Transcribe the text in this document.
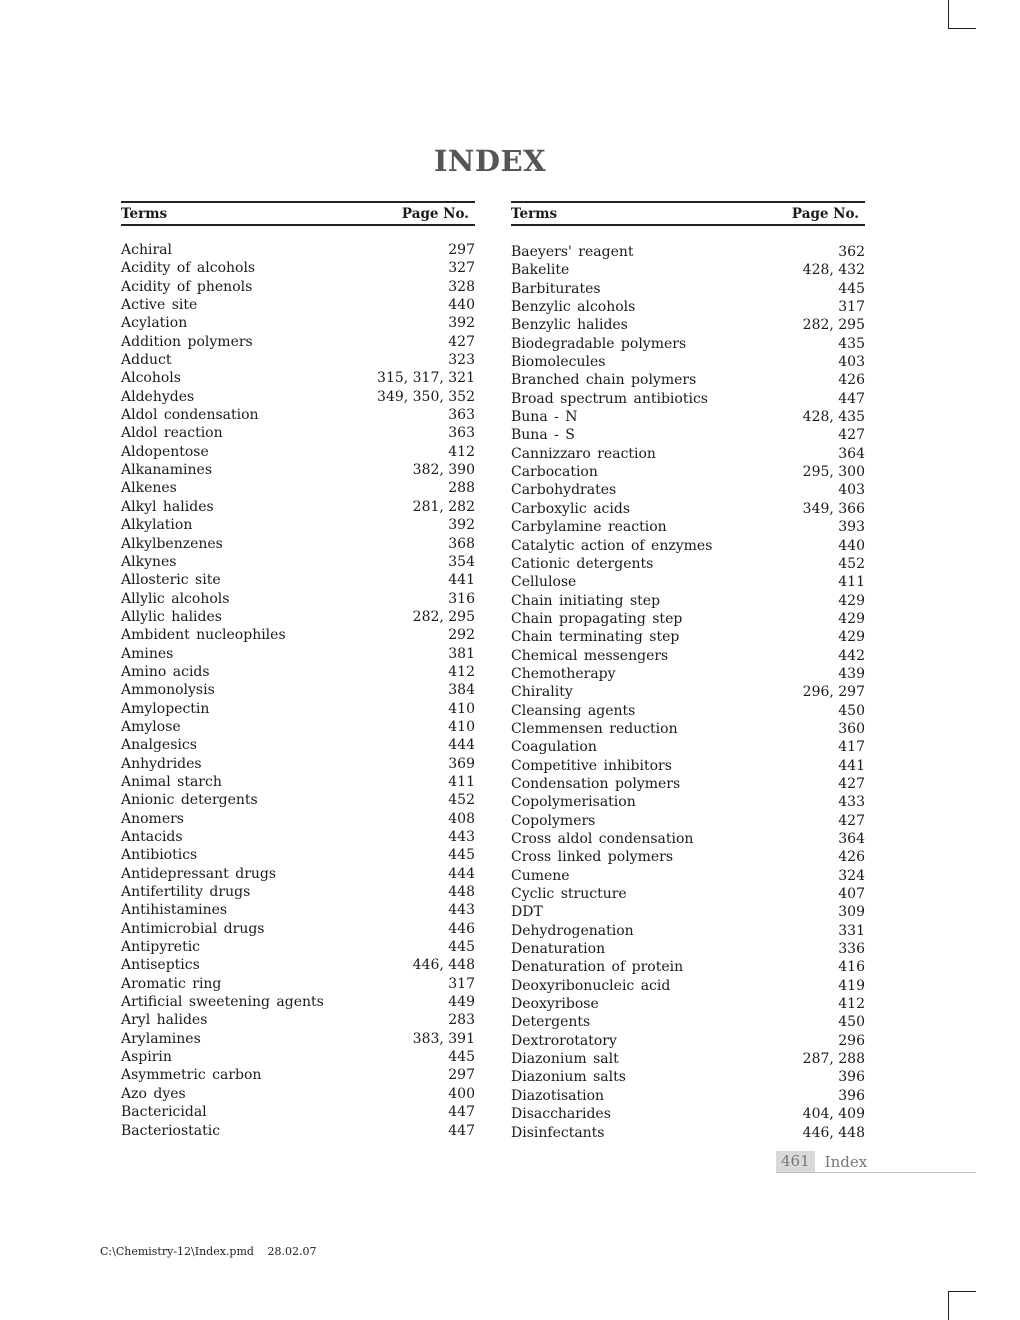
INDEX
Terms	Page No.
Achiral	297
Acidity of alcohols	327
Acidity of phenols	328
Active site	440
Acylation	392
Addition polymers	427
Adduct	323
Alcohols	315, 317, 321
Aldehydes	349, 350, 352
Aldol condensation	363
Aldol reaction	363
Aldopentose	412
Alkanamines	382, 390
Alkenes	288
Alkyl halides	281, 282
Alkylation	392
Alkylbenzenes	368
Alkynes	354
Allosteric site	441
Allylic alcohols	316
Allylic halides	282, 295
Ambident nucleophiles	292
Amines	381
Amino acids	412
Ammonolysis	384
Amylopectin	410
Amylose	410
Analgesics	444
Anhydrides	369
Animal starch	411
Anionic detergents	452
Anomers	408
Antacids	443
Antibiotics	445
Antidepressant drugs	444
Antifertility drugs	448
Antihistamines	443
Antimicrobial drugs	446
Antipyretic	445
Antiseptics	446, 448
Aromatic ring	317
Artificial sweetening agents	449
Aryl halides	283
Arylamines	383, 391
Aspirin	445
Asymmetric carbon	297
Azo dyes	400
Bactericidal	447
Bacteriostatic	447
Terms	Page No.
Baeyers' reagent	362
Bakelite	428, 432
Barbiturates	445
Benzylic alcohols	317
Benzylic halides	282, 295
Biodegradable polymers	435
Biomolecules	403
Branched chain polymers	426
Broad spectrum antibiotics	447
Buna - N	428, 435
Buna - S	427
Cannizzaro reaction	364
Carbocation	295, 300
Carbohydrates	403
Carboxylic acids	349, 366
Carbylamine reaction	393
Catalytic action of enzymes	440
Cationic detergents	452
Cellulose	411
Chain initiating step	429
Chain propagating step	429
Chain terminating step	429
Chemical messengers	442
Chemotherapy	439
Chirality	296, 297
Cleansing agents	450
Clemmensen reduction	360
Coagulation	417
Competitive inhibitors	441
Condensation polymers	427
Copolymerisation	433
Copolymers	427
Cross aldol condensation	364
Cross linked polymers	426
Cumene	324
Cyclic structure	407
DDT	309
Dehydrogenation	331
Denaturation	336
Denaturation of protein	416
Deoxyribonucleic acid	419
Deoxyribose	412
Detergents	450
Dextrorotatory	296
Diazonium salt	287, 288
Diazonium salts	396
Diazotisation	396
Disaccharides	404, 409
Disinfectants	446, 448
461	Index
C:\Chemistry-12\Index.pmd 28.02.07
